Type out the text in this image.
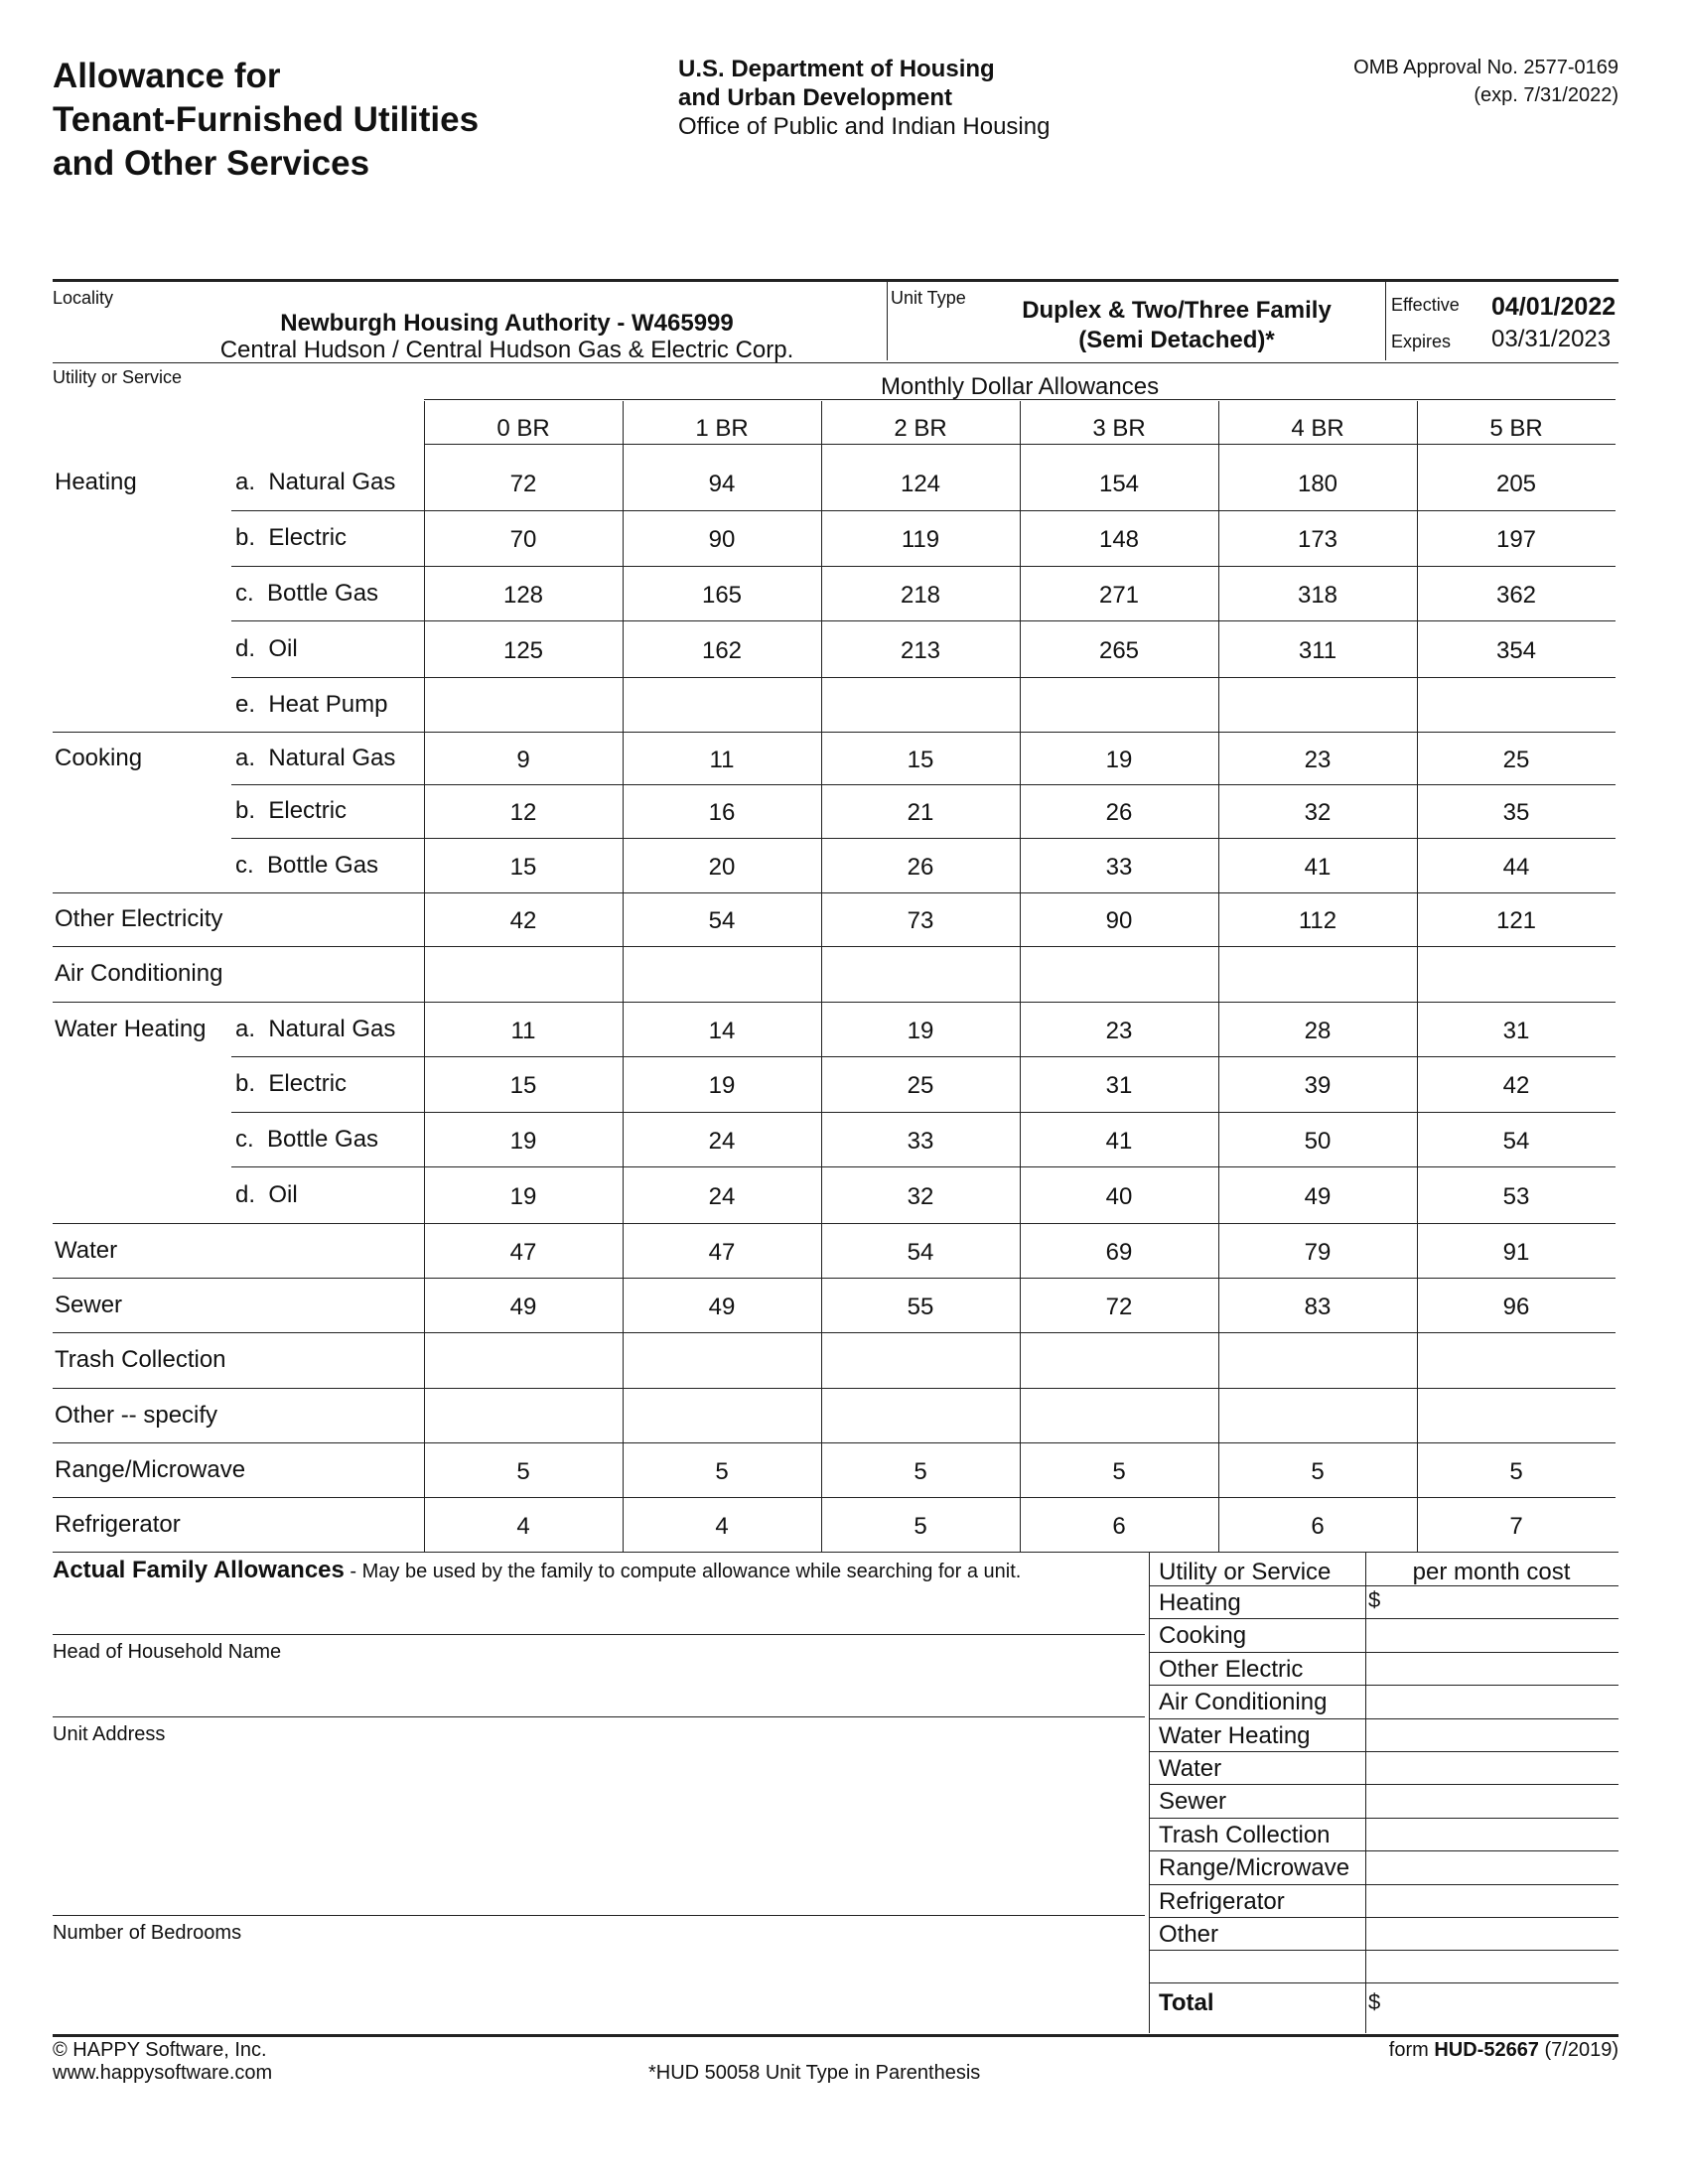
Allowance for
Tenant-Furnished Utilities
and Other Services
U.S. Department of Housing
and Urban Development
Office of Public and Indian Housing
OMB Approval No. 2577-0169
(exp. 7/31/2022)
Locality
Newburgh Housing Authority - W465999
Central Hudson / Central Hudson Gas & Electric Corp.
Unit Type	Duplex & Two/Three Family
(Semi Detached)*
Effective 04/01/2022
Expires 03/31/2023
Utility or Service	Monthly Dollar Allowances
0 BR	1 BR	2 BR	3 BR	4 BR	5 BR
Heating	a.  Natural Gas	72	94	124	154	180	205
b.  Electric	70	90	119	148	173	197
c.  Bottle Gas	128	165	218	271	318	362
d.  Oil	125	162	213	265	311	354
e.  Heat Pump
Cooking	a.  Natural Gas	9	11	15	19	23	25
b.  Electric	12	16	21	26	32	35
c.  Bottle Gas	15	20	26	33	41	44
Other Electricity	42	54	73	90	112	121
Air Conditioning
Water Heating a.  Natural Gas	11	14	19	23	28	31
b.  Electric	15	19	25	31	39	42
c.  Bottle Gas	19	24	33	41	50	54
d.  Oil	19	24	32	40	49	53
Water	47	47	54	69	79	91
Sewer	49	49	55	72	83	96
Trash Collection
Other -- specify
Range/Microwave	5	5	5	5	5	5
Refrigerator	4	4	5	6	6	7
Actual Family Allowances - May be used by the family to compute allowance while searching for a unit.
Head of Household Name
Unit Address
Number of Bedrooms
Utility or Service	per month cost
Heating	$
Cooking
Other Electric
Air Conditioning
Water Heating
Water
Sewer
Trash Collection
Range/Microwave
Refrigerator
Other
Total	$
© HAPPY Software, Inc.
www.happysoftware.com	*HUD 50058 Unit Type in Parenthesis
form HUD-52667 (7/2019)
